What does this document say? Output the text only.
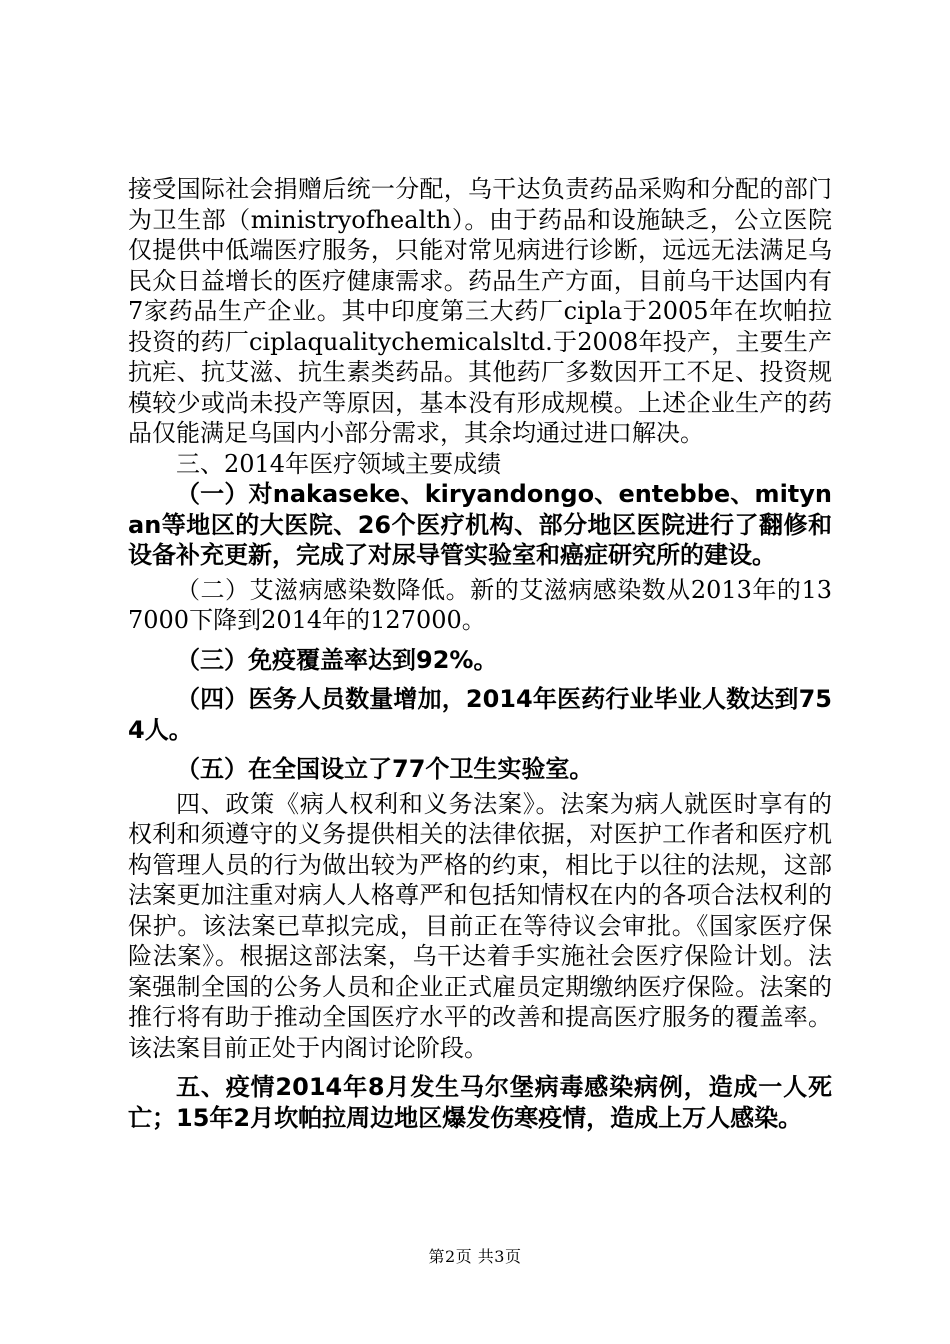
接受国际社会捐赠后统一分配，乌干达负责药品采购和分配的部门为卫生部（ministryofhealth）。由于药品和设施缺乏，公立医院仅提供中低端医疗服务，只能对常见病进行诊断，远远无法满足乌民众日益增长的医疗健康需求。药品生产方面，目前乌干达国内有7家药品生产企业。其中印度第三大药厂cipla于2005年在坎帕拉投资的药厂ciplaqualitychemicalsltd.于2008年投产，主要生产抗疟、抗艾滋、抗生素类药品。其他药厂多数因开工不足、投资规模较少或尚未投产等原因，基本没有形成规模。上述企业生产的药品仅能满足乌国内小部分需求，其余均通过进口解决。

三、2014年医疗领域主要成绩

（一）对nakaseke、kiryandongo、entebbe、mitynan等地区的大医院、26个医疗机构、部分地区医院进行了翻修和设备补充更新，完成了对尿导管实验室和癌症研究所的建设。

（二）艾滋病感染数降低。新的艾滋病感染数从2013年的137000下降到2014年的127000。

（三）免疫覆盖率达到92%。

（四）医务人员数量增加，2014年医药行业毕业人数达到754人。

（五）在全国设立了77个卫生实验室。

四、政策《病人权利和义务法案》。法案为病人就医时享有的权利和须遵守的义务提供相关的法律依据，对医护工作者和医疗机构管理人员的行为做出较为严格的约束，相比于以往的法规，这部法案更加注重对病人人格尊严和包括知情权在内的各项合法权利的保护。该法案已草拟完成，目前正在等待议会审批。《国家医疗保险法案》。根据这部法案，乌干达着手实施社会医疗保险计划。法案强制全国的公务人员和企业正式雇员定期缴纳医疗保险。法案的推行将有助于推动全国医疗水平的改善和提高医疗服务的覆盖率。该法案目前正处于内阁讨论阶段。

五、疫情2014年8月发生马尔堡病毒感染病例，造成一人死亡；15年2月坎帕拉周边地区爆发伤寒疫情，造成上万人感染。

第2页 共3页
